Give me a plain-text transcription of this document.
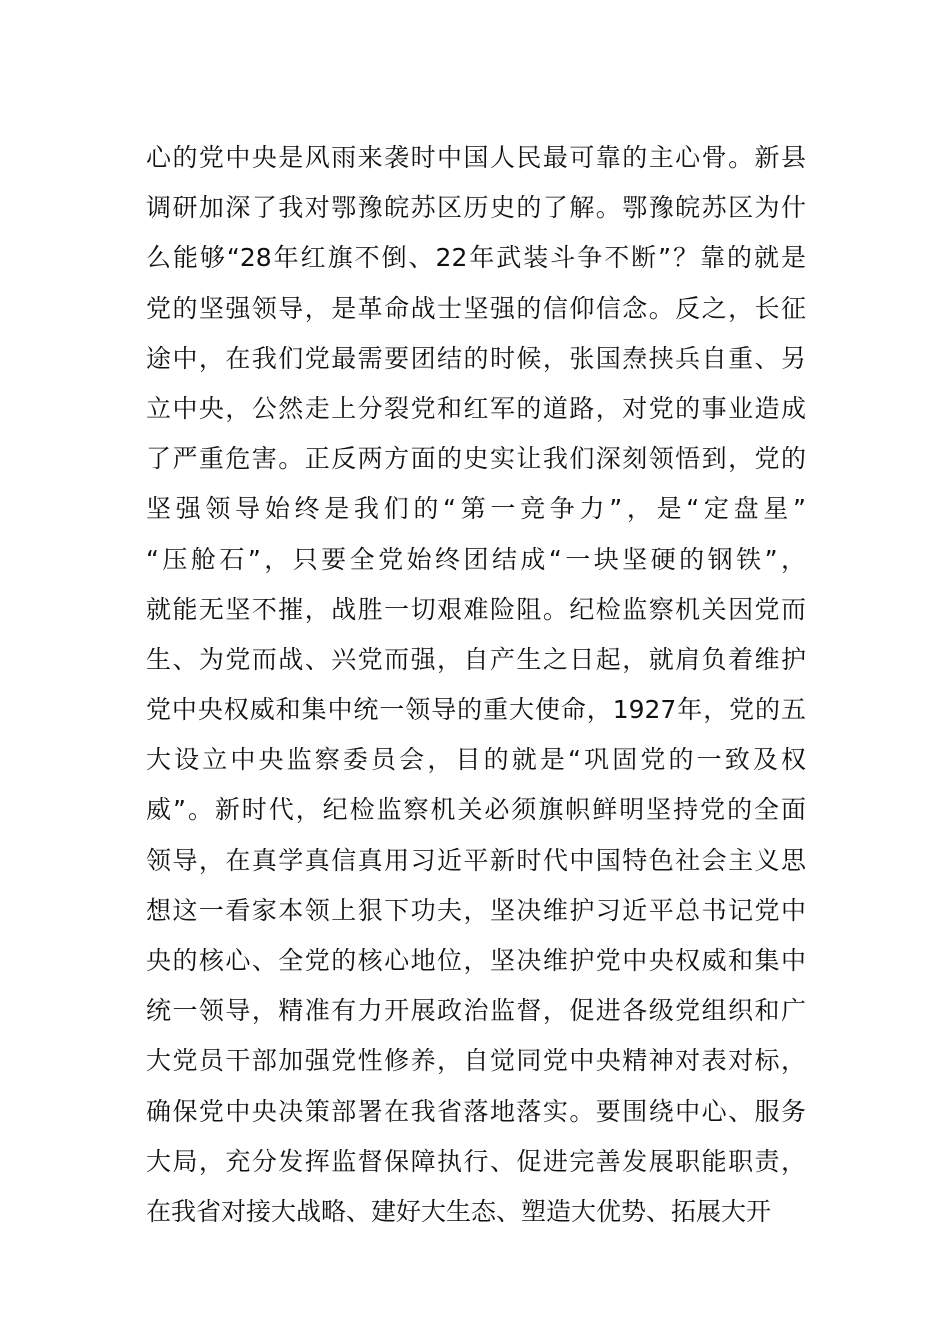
心的党中央是风雨来袭时中国人民最可靠的主心骨。新县
调研加深了我对鄂豫皖苏区历史的了解。鄂豫皖苏区为什
么能够“28年红旗不倒、22年武装斗争不断”？靠的就是
党的坚强领导，是革命战士坚强的信仰信念。反之，长征
途中，在我们党最需要团结的时候，张国焘挟兵自重、另
立中央，公然走上分裂党和红军的道路，对党的事业造成
了严重危害。正反两方面的史实让我们深刻领悟到，党的
坚强领导始终是我们的“第一竞争力”，是“定盘星”
“压舱石”，只要全党始终团结成“一块坚硬的钢铁”，
就能无坚不摧，战胜一切艰难险阻。纪检监察机关因党而
生、为党而战、兴党而强，自产生之日起，就肩负着维护
党中央权威和集中统一领导的重大使命，1927年，党的五
大设立中央监察委员会，目的就是“巩固党的一致及权
威”。新时代，纪检监察机关必须旗帜鲜明坚持党的全面
领导，在真学真信真用习近平新时代中国特色社会主义思
想这一看家本领上狠下功夫，坚决维护习近平总书记党中
央的核心、全党的核心地位，坚决维护党中央权威和集中
统一领导，精准有力开展政治监督，促进各级党组织和广
大党员干部加强党性修养，自觉同党中央精神对表对标，
确保党中央决策部署在我省落地落实。要围绕中心、服务
大局，充分发挥监督保障执行、促进完善发展职能职责，
在我省对接大战略、建好大生态、塑造大优势、拓展大开
